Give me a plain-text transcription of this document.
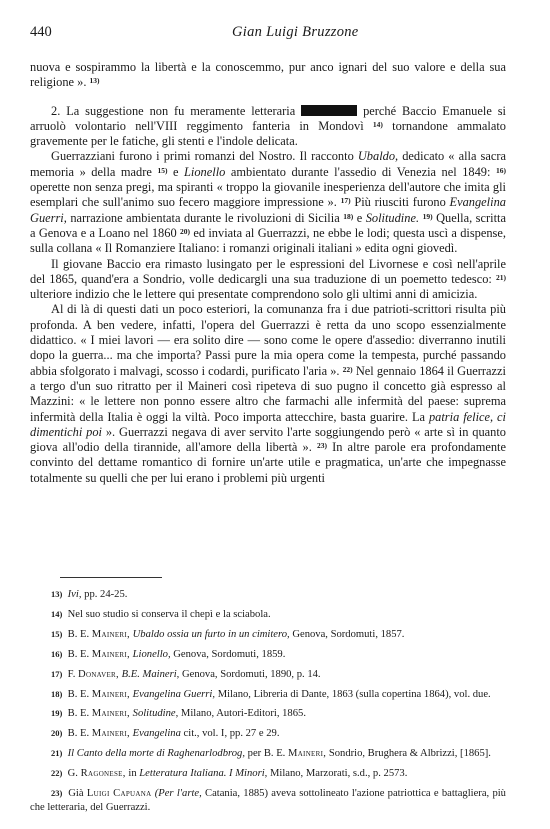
440	Gian Luigi Bruzzone

nuova e sospirammo la libertà e la conoscemmo, pur anco ignari del suo valore e della sua religione ». $^{13)}$

2. La suggestione non fu meramente letteraria	perché Baccio Emanuele si arruolò volontario nell'VIII reggimento fanteria in Mondovì $^{14)}$ tornandone ammalato gravemente per le fatiche, gli stenti e l'indole delicata.

Guerrazziani furono i primi romanzi del Nostro. Il racconto Ubaldo, dedicato « alla sacra memoria » della madre $^{15)}$ e Lionello ambientato durante l'assedio di Venezia nel 1849: $^{16)}$ operette non senza pregi, ma spiranti « troppo la giovanile inesperienza dell'autore che imita gli esemplari che sull'animo suo fecero maggiore impressione ». $^{17)}$ Più riusciti furono Evangelina Guerri, narrazione ambientata durante le rivoluzioni di Sicilia $^{18)}$ e Solitudine. $^{19)}$ Quella, scritta a Genova e a Loano nel 1860 $^{20)}$ ed inviata al Guerrazzi, ne ebbe le lodi; questa uscì a dispense, sulla collana « Il Romanziere Italiano: i romanzi originali italiani » edita ogni giovedì.

Il giovane Baccio era rimasto lusingato per le espressioni del Livornese e così nell'aprile del 1865, quand'era a Sondrio, volle dedicargli una sua traduzione di un poemetto tedesco: $^{21)}$ ulteriore indizio che le lettere qui presentate comprendono solo gli ultimi anni di amicizia.

Al di là di questi dati un poco esteriori, la comunanza fra i due patrioti-scrittori risulta più profonda. A ben vedere, infatti, l'opera del Guerrazzi è retta da uno scopo essenzialmente didattico. « I miei lavori — era solito dire — sono come le opere d'assedio: diverranno inutili dopo la guerra... ma che importa? Passi pure la mia opera come la tempesta, purché passando abbia sfolgorato i malvagi, scosso i codardi, purificato l'aria ». $^{22)}$ Nel gennaio 1864 il Guerrazzi a tergo d'un suo ritratto per il Maineri così ripeteva di suo pugno il concetto già espresso al Mazzini: « le lettere non ponno essere altro che farmachi alle infermità del paese: suprema infermità della Italia è oggi la viltà. Poco importa attecchire, basta guarire. La patria felice, ci dimentichi poi ». Guerrazzi negava di aver servito l'arte soggiungendo però « arte sì in quanto giova all'odio della tirannide, all'amore della libertà ». $^{23)}$ In altre parole era profondamente convinto del dettame romantico di fornire un'arte utile e pragmatica, un'arte che impegnasse totalmente su quelli che per lui erano i problemi più urgenti

13) Ivi, pp. 24-25.

14) Nel suo studio si conserva il chepì e la sciabola.

15) B. E. Maineri, Ubaldo ossia un furto in un cimitero, Genova, Sordomuti, 1857.

16) B. E. Maineri, Lionello, Genova, Sordomuti, 1859.

17) F. Donaver, B.E. Maineri, Genova, Sordomuti, 1890, p. 14.

18) B. E. Maineri, Evangelina Guerri, Milano, Libreria di Dante, 1863 (sulla copertina 1864), vol. due.

19) B. E. Maineri, Solitudine, Milano, Autori-Editori, 1865.

20) B. E. Maineri, Evangelina cit., vol. I, pp. 27 e 29.

21) Il Canto della morte di Raghenarlodbrog, per B. E. Maineri, Sondrio, Brughera & Albrizzi, [1865].

22) G. Ragonese, in Letteratura Italiana. I Minori, Milano, Marzorati, s.d., p. 2573.

23) Già Luigi Capuana (Per l'arte, Catania, 1885) aveva sottolineato l'azione patriottica e battagliera, più che letteraria, del Guerrazzi.
